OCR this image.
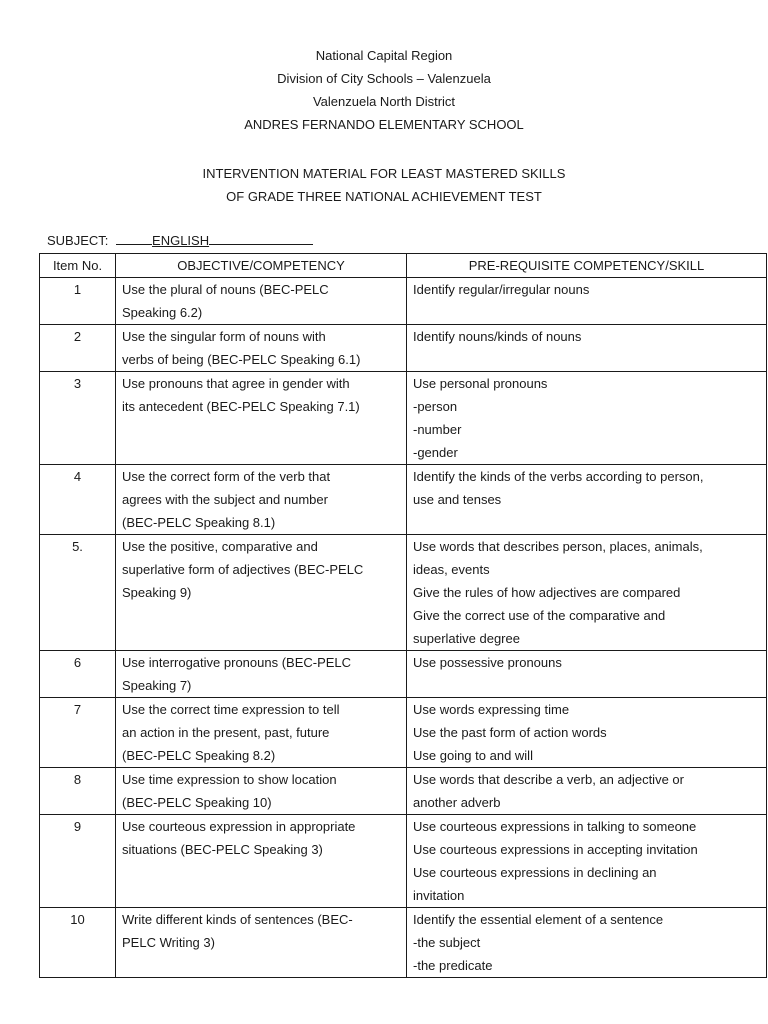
National Capital Region
Division of City Schools – Valenzuela
Valenzuela North District
ANDRES FERNANDO ELEMENTARY SCHOOL
INTERVENTION MATERIAL FOR LEAST MASTERED SKILLS
OF GRADE THREE NATIONAL ACHIEVEMENT TEST
SUBJECT:	ENGLISH
Item No.	OBJECTIVE/COMPETENCY	PRE-REQUISITE COMPETENCY/SKILL
1	Use the plural of nouns (BEC-PELC
Speaking 6.2)	Identify regular/irregular nouns

2	Use the singular form of nouns with
verbs of being (BEC-PELC Speaking 6.1)	Identify nouns/kinds of nouns

3	Use pronouns that agree in gender with
its antecedent (BEC-PELC Speaking 7.1)	Use personal pronouns
-person
-number
-gender

4	Use the correct form of the verb that
agrees with the subject and number
(BEC-PELC Speaking 8.1)	Identify the kinds of the verbs according to person,
use and tenses

5.	Use the positive, comparative and
superlative form of adjectives (BEC-PELC
Speaking 9)	Use words that describes person, places, animals,
ideas, events
Give the rules of how adjectives are compared
Give the correct use of the comparative and
superlative degree

6	Use interrogative pronouns (BEC-PELC
Speaking 7)	Use possessive pronouns

7	Use the correct time expression to tell
an action in the present, past, future
(BEC-PELC Speaking 8.2)	Use words expressing time
Use the past form of action words
Use going to and will

8	Use time expression to show location
(BEC-PELC Speaking 10)	Use words that describe a verb, an adjective or
another adverb

9	Use courteous expression in appropriate
situations (BEC-PELC Speaking 3)	Use courteous expressions in talking to someone
Use courteous expressions in accepting invitation
Use courteous expressions in declining an
invitation

10	Write different kinds of sentences (BEC-
PELC Writing 3)	Identify the essential element of a sentence
-the subject
-the predicate
